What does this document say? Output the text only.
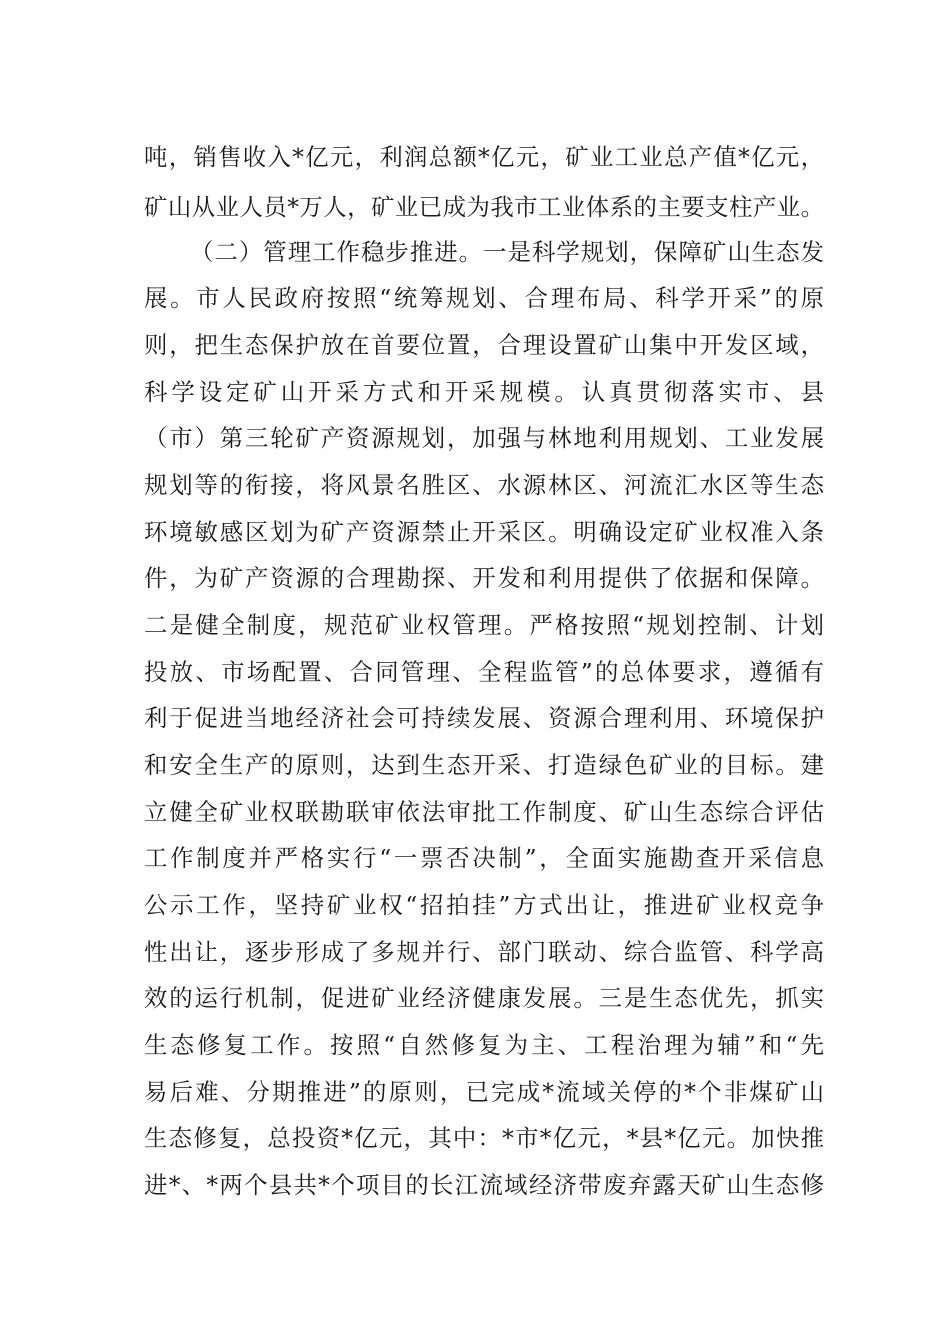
吨，销售收入*亿元，利润总额*亿元，矿业工业总产值*亿元，
矿山从业人员*万人，矿业已成为我市工业体系的主要支柱产业。
（二）管理工作稳步推进。一是科学规划，保障矿山生态发
展。市人民政府按照“统筹规划、合理布局、科学开采”的原
则，把生态保护放在首要位置，合理设置矿山集中开发区域，
科学设定矿山开采方式和开采规模。认真贯彻落实市、县
（市）第三轮矿产资源规划，加强与林地利用规划、工业发展
规划等的衔接，将风景名胜区、水源林区、河流汇水区等生态
环境敏感区划为矿产资源禁止开采区。明确设定矿业权准入条
件，为矿产资源的合理勘探、开发和利用提供了依据和保障。
二是健全制度，规范矿业权管理。严格按照“规划控制、计划
投放、市场配置、合同管理、全程监管”的总体要求，遵循有
利于促进当地经济社会可持续发展、资源合理利用、环境保护
和安全生产的原则，达到生态开采、打造绿色矿业的目标。建
立健全矿业权联勘联审依法审批工作制度、矿山生态综合评估
工作制度并严格实行“一票否决制”，全面实施勘查开采信息
公示工作，坚持矿业权“招拍挂”方式出让，推进矿业权竞争
性出让，逐步形成了多规并行、部门联动、综合监管、科学高
效的运行机制，促进矿业经济健康发展。三是生态优先，抓实
生态修复工作。按照“自然修复为主、工程治理为辅”和“先
易后难、分期推进”的原则，已完成*流域关停的*个非煤矿山
生态修复，总投资*亿元，其中：*市*亿元，*县*亿元。加快推
进*、*两个县共*个项目的长江流域经济带废弃露天矿山生态修
